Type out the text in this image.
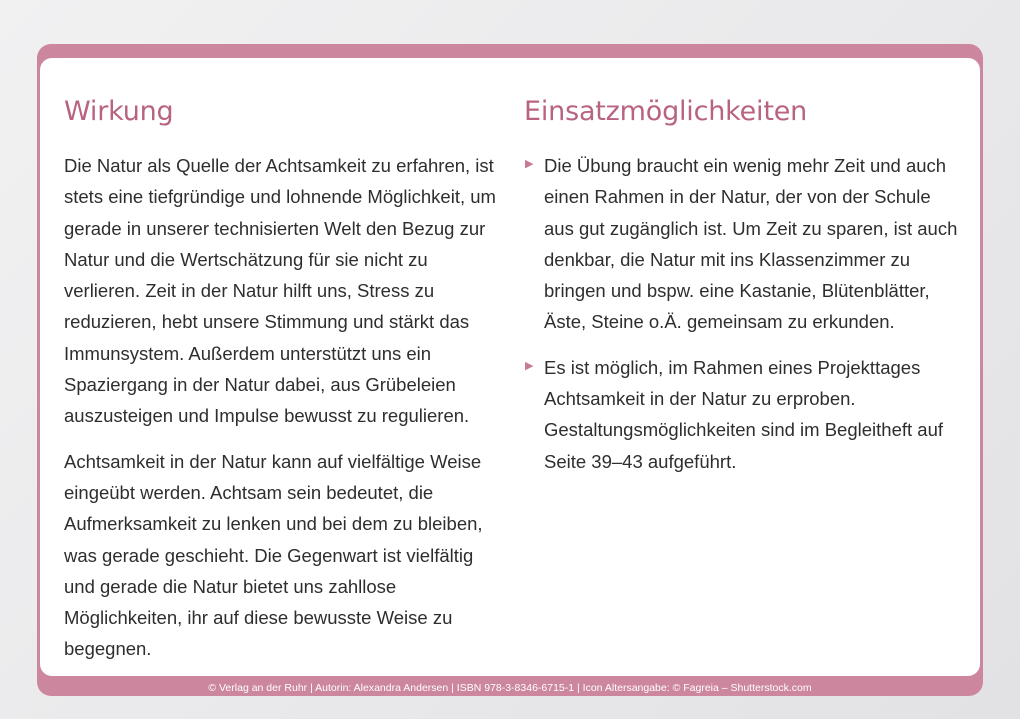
Wirkung

Die Natur als Quelle der Achtsamkeit zu erfahren, ist stets eine tiefgründige und lohnende Möglichkeit, um gerade in unserer technisierten Welt den Bezug zur Natur und die Wertschätzung für sie nicht zu verlieren. Zeit in der Natur hilft uns, Stress zu reduzieren, hebt unsere Stimmung und stärkt das Immunsystem. Außerdem unterstützt uns ein Spaziergang in der Natur dabei, aus Grübeleien auszusteigen und Impulse bewusst zu regulieren.

Achtsamkeit in der Natur kann auf vielfältige Weise eingeübt werden. Achtsam sein bedeutet, die Aufmerksamkeit zu lenken und bei dem zu bleiben, was gerade geschieht. Die Gegenwart ist vielfältig und gerade die Natur bietet uns zahllose Möglichkeiten, ihr auf diese bewusste Weise zu begegnen.

Einsatzmöglichkeiten
▶ Die Übung braucht ein wenig mehr Zeit und auch einen Rahmen in der Natur, der von der Schule aus gut zugänglich ist. Um Zeit zu sparen, ist auch denkbar, die Natur mit ins Klassenzimmer zu bringen und bspw. eine Kastanie, Blütenblätter, Äste, Steine o.Ä. gemeinsam zu erkunden.

▶ Es ist möglich, im Rahmen eines Projekttages Achtsamkeit in der Natur zu erproben. Gestaltungsmöglichkeiten sind im Begleitheft auf Seite 39–43 aufgeführt.

© Verlag an der Ruhr | Autorin: Alexandra Andersen | ISBN 978-3-8346-6715-1 | Icon Altersangabe: © Fagreia – Shutterstock.com
